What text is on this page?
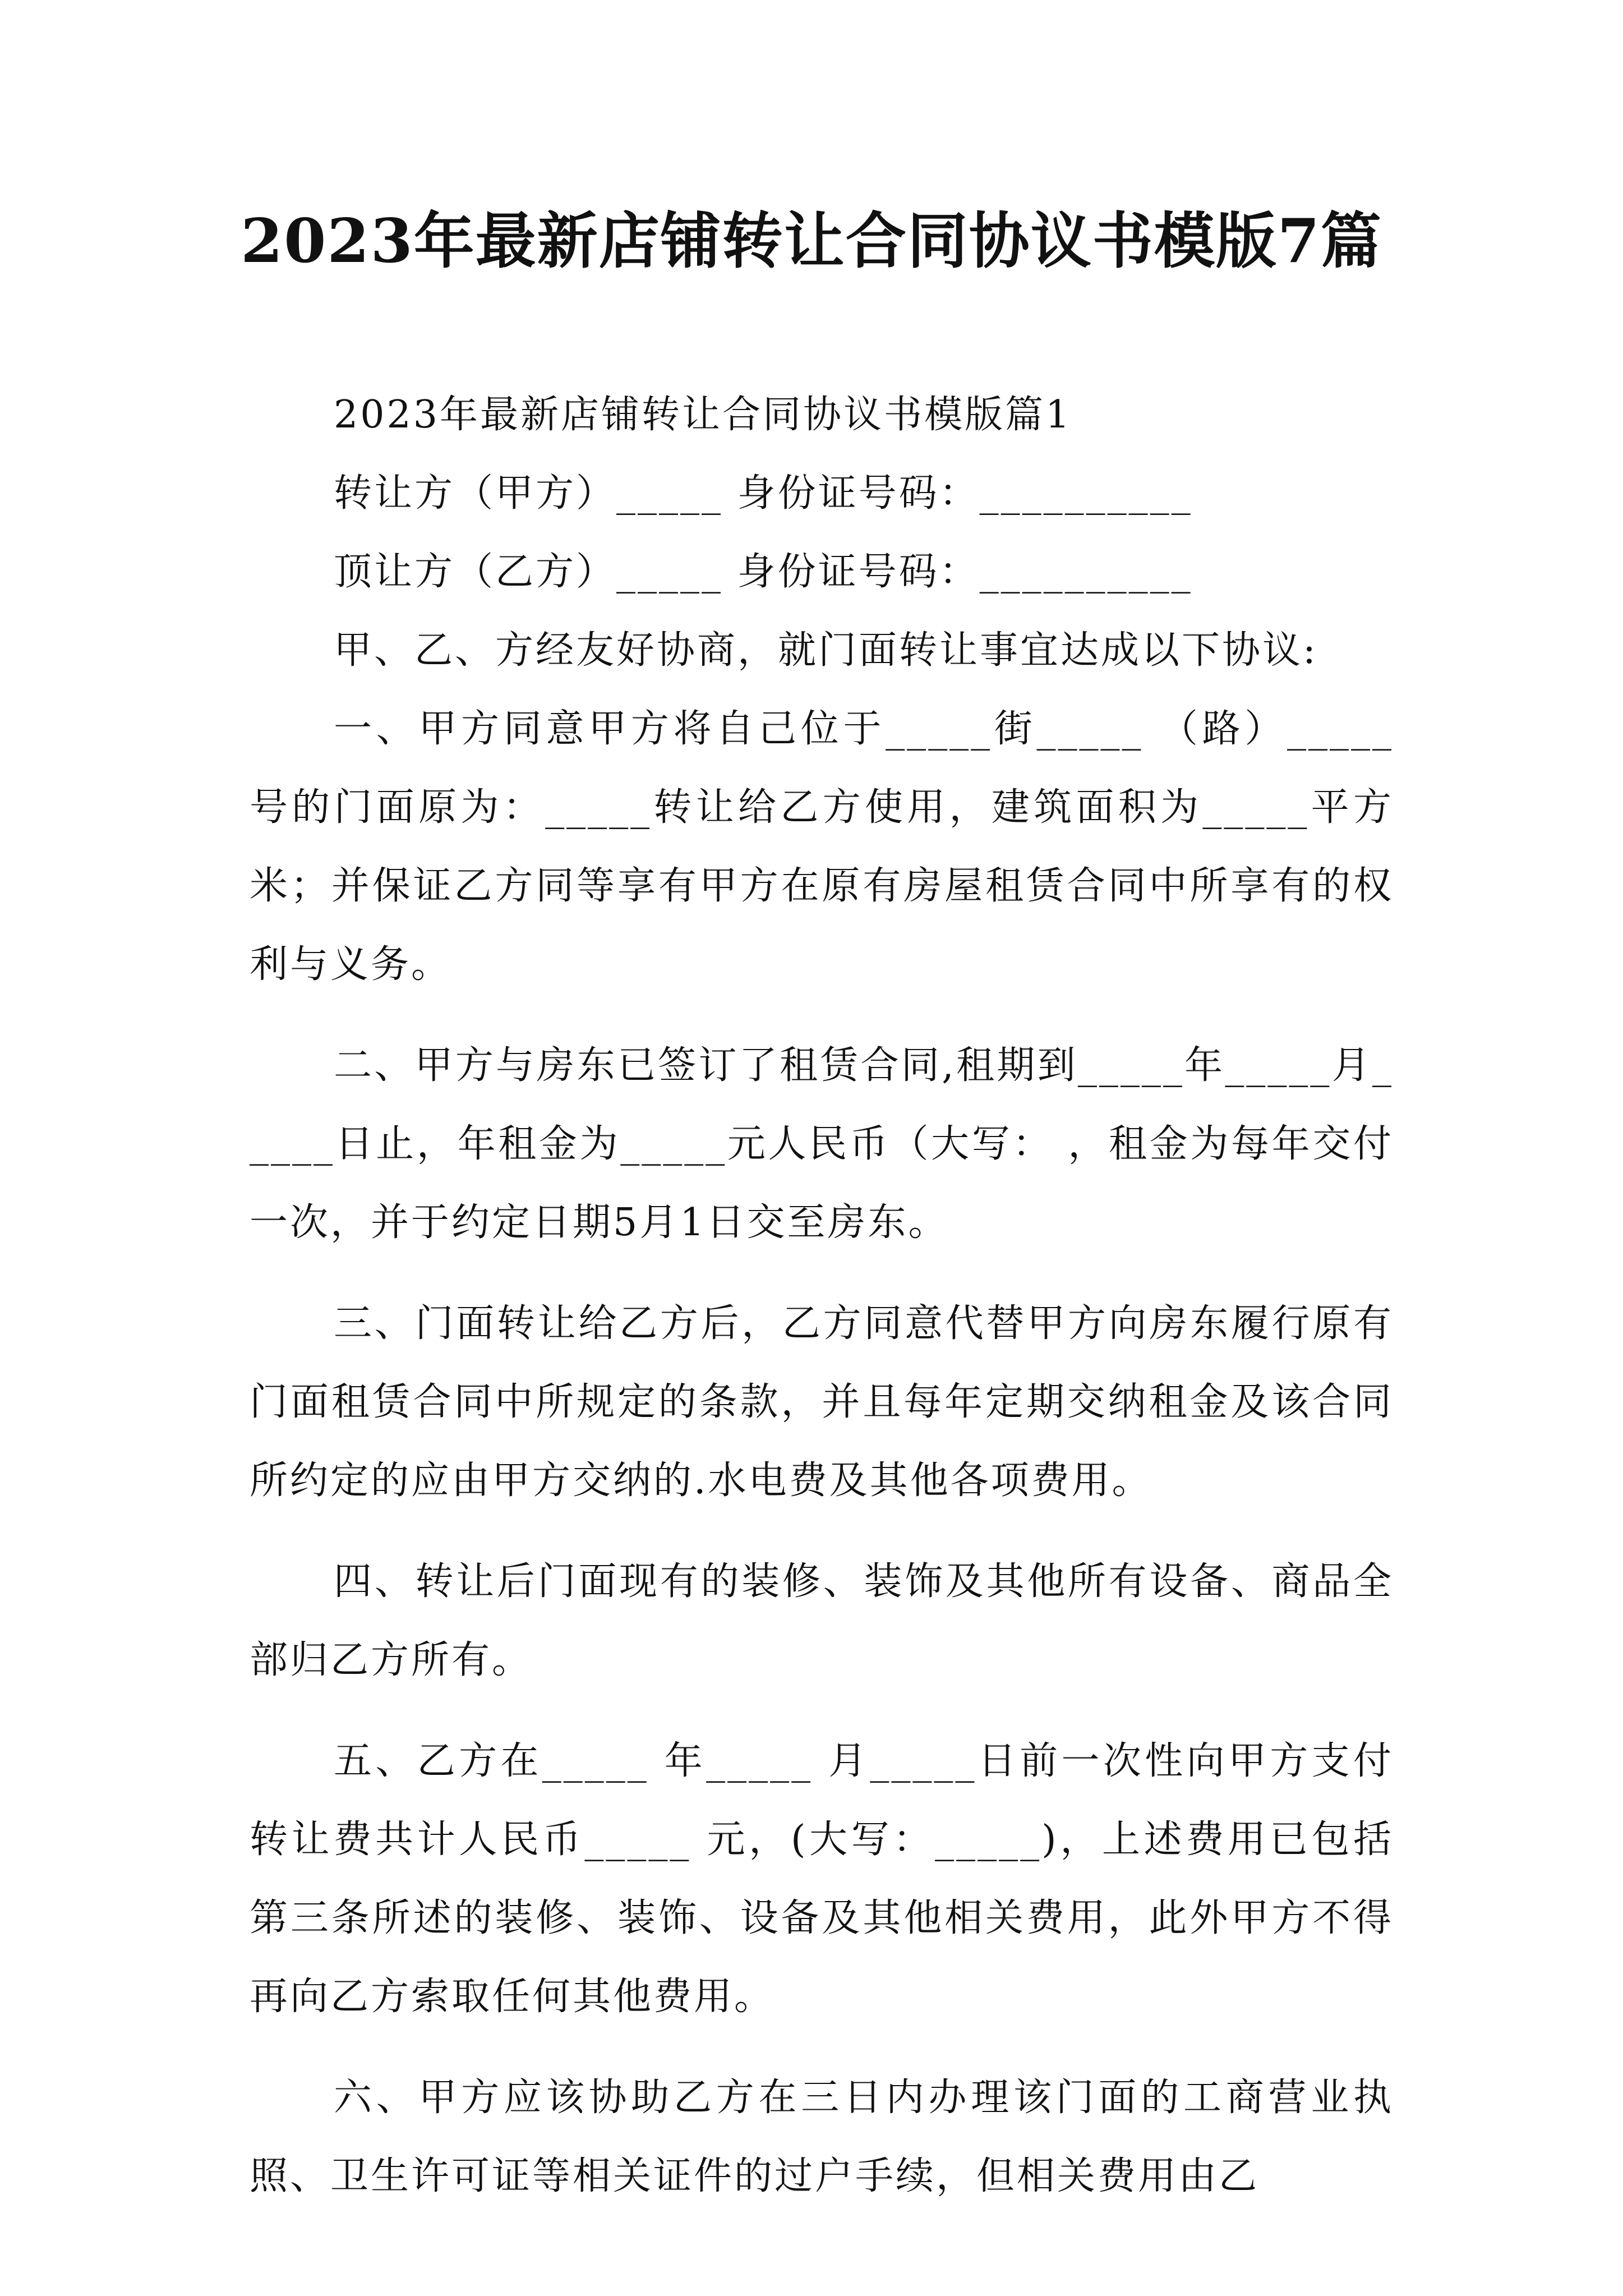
2023年最新店铺转让合同协议书模版7篇

2023年最新店铺转让合同协议书模版篇1

转让方（甲方）_____ 身份证号码：__________

顶让方（乙方）_____ 身份证号码：__________

甲、乙、方经友好协商，就门面转让事宜达成以下协议:

一、甲方同意甲方将自己位于_____街_____ （路）_____号的门面原为：_____转让给乙方使用，建筑面积为_____平方米；并保证乙方同等享有甲方在原有房屋租赁合同中所享有的权利与义务。

二、甲方与房东已签订了租赁合同,租期到_____年_____月_____日止，年租金为_____元人民币（大写： ，租金为每年交付一次，并于约定日期5月1日交至房东。

三、门面转让给乙方后，乙方同意代替甲方向房东履行原有门面租赁合同中所规定的条款，并且每年定期交纳租金及该合同所约定的应由甲方交纳的.水电费及其他各项费用。

四、转让后门面现有的装修、装饰及其他所有设备、商品全部归乙方所有。

五、乙方在_____ 年_____ 月_____日前一次性向甲方支付转让费共计人民币_____ 元，(大写：_____)，上述费用已包括第三条所述的装修、装饰、设备及其他相关费用，此外甲方不得再向乙方索取任何其他费用。

六、甲方应该协助乙方在三日内办理该门面的工商营业执照、卫生许可证等相关证件的过户手续，但相关费用由乙
